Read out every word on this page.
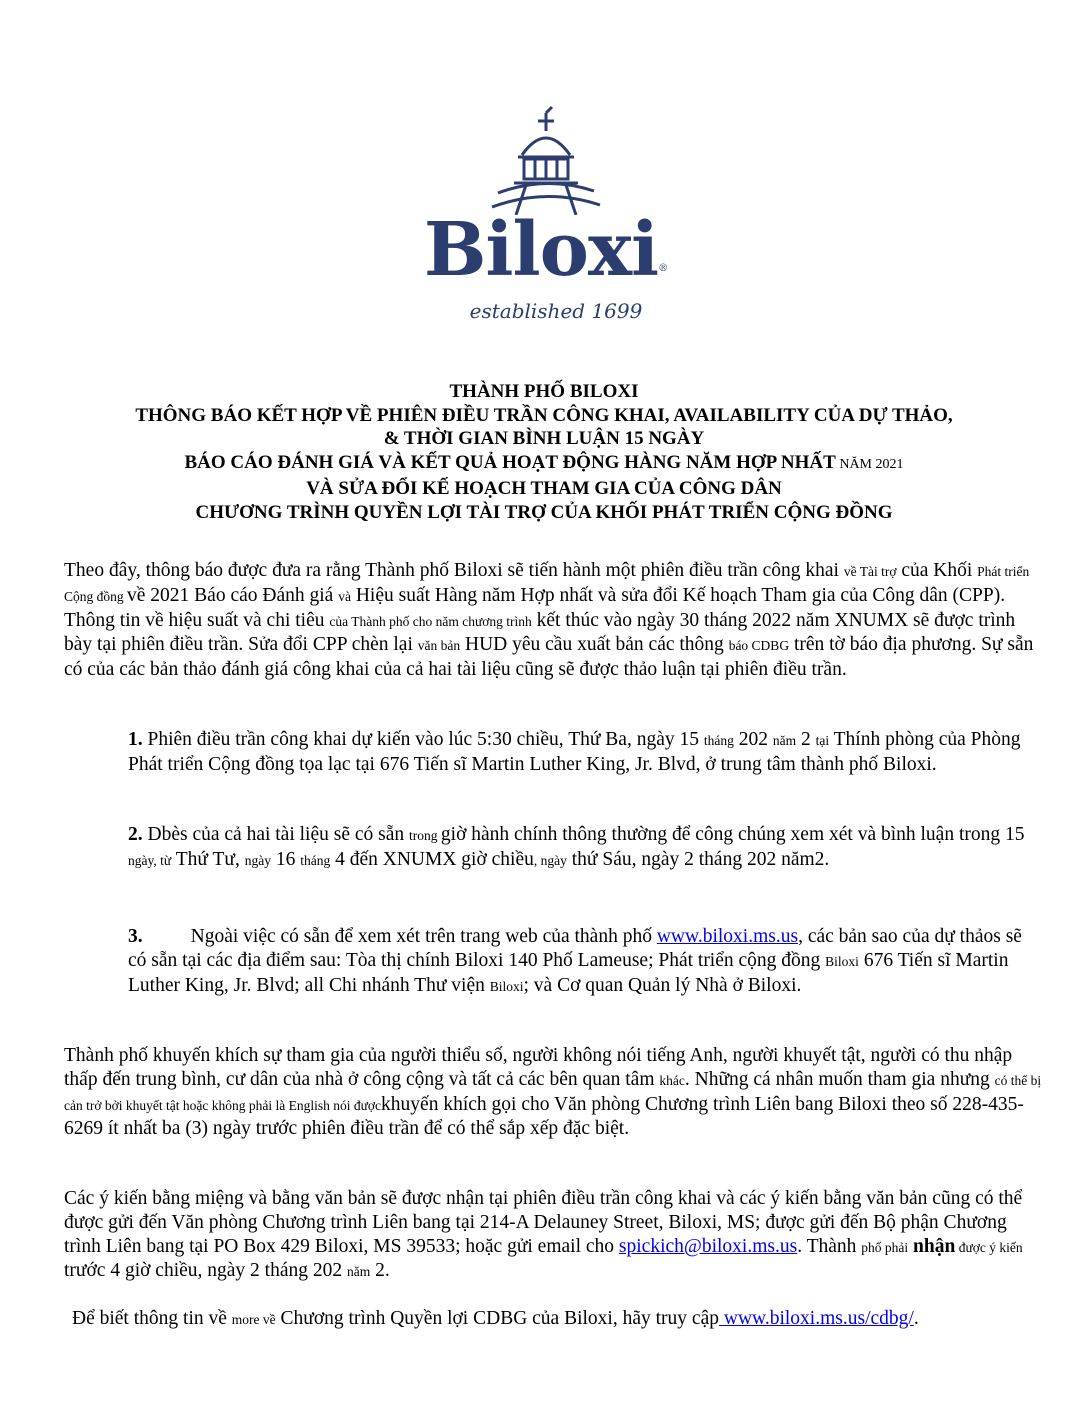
Biloxi®
established 1699
THÀNH PHỐ BILOXI
THÔNG BÁO KẾT HỢP VỀ PHIÊN ĐIỀU TRẦN CÔNG KHAI, AVAILABILITY CỦA DỰ THẢO,
& THỜI GIAN BÌNH LUẬN 15 NGÀY
BÁO CÁO ĐÁNH GIÁ VÀ KẾT QUẢ HOẠT ĐỘNG HÀNG NĂM HỢP NHẤT NĂM 2021
VÀ SỬA ĐỔI KẾ HOẠCH THAM GIA CỦA CÔNG DÂN
CHƯƠNG TRÌNH QUYỀN LỢI TÀI TRỢ CỦA KHỐI PHÁT TRIỂN CỘNG ĐỒNG
Theo đây, thông báo được đưa ra rằng Thành phố Biloxi sẽ tiến hành một phiên điều trần công khai về Tài trợ của Khối Phát triển Cộng đồng về 2021 Báo cáo Đánh giá và Hiệu suất Hàng năm Hợp nhất và sửa đổi Kế hoạch Tham gia của Công dân (CPP). Thông tin về hiệu suất và chi tiêu của Thành phố cho năm chương trình kết thúc vào ngày 30 tháng 2022 năm XNUMX sẽ được trình bày tại phiên điều trần. Sửa đổi CPP chèn lại văn bản HUD yêu cầu xuất bản các thông báo CDBG trên tờ báo địa phương. Sự sẵn có của các bản thảo đánh giá công khai của cả hai tài liệu cũng sẽ được thảo luận tại phiên điều trần.
1. Phiên điều trần công khai dự kiến vào lúc 5:30 chiều, Thứ Ba, ngày 15 tháng 202 năm 2 tại Thính phòng của Phòng Phát triển Cộng đồng tọa lạc tại 676 Tiến sĩ Martin Luther King, Jr. Blvd, ở trung tâm thành phố Biloxi.
2. Dbès của cả hai tài liệu sẽ có sẵn trong giờ hành chính thông thường để công chúng xem xét và bình luận trong 15 ngày, từ Thứ Tư, ngày 16 tháng 4 đến XNUMX giờ chiều, ngày thứ Sáu, ngày 2 tháng 202 năm2.
3. Ngoài việc có sẵn để xem xét trên trang web của thành phố www.biloxi.ms.us, các bản sao của dự thảos sẽ có sẵn tại các địa điểm sau: Tòa thị chính Biloxi 140 Phố Lameuse; Phát triển cộng đồng Biloxi 676 Tiến sĩ Martin Luther King, Jr. Blvd; all Chi nhánh Thư viện Biloxi; và Cơ quan Quản lý Nhà ở Biloxi.
Thành phố khuyến khích sự tham gia của người thiểu số, người không nói tiếng Anh, người khuyết tật, người có thu nhập thấp đến trung bình, cư dân của nhà ở công cộng và tất cả các bên quan tâm khác. Những cá nhân muốn tham gia nhưng có thể bị cản trở bởi khuyết tật hoặc không phải là English nói đượckhuyến khích gọi cho Văn phòng Chương trình Liên bang Biloxi theo số 228-435-6269 ít nhất ba (3) ngày trước phiên điều trần để có thể sắp xếp đặc biệt.
Các ý kiến bằng miệng và bằng văn bản sẽ được nhận tại phiên điều trần công khai và các ý kiến bằng văn bản cũng có thể được gửi đến Văn phòng Chương trình Liên bang tại 214-A Delauney Street, Biloxi, MS; được gửi đến Bộ phận Chương trình Liên bang tại PO Box 429 Biloxi, MS 39533; hoặc gửi email cho spickich@biloxi.ms.us. Thành phố phải nhận được ý kiến trước 4 giờ chiều, ngày 2 tháng 202 năm 2.
Để biết thông tin về more về Chương trình Quyền lợi CDBG của Biloxi, hãy truy cập www.biloxi.ms.us/cdbg/.
